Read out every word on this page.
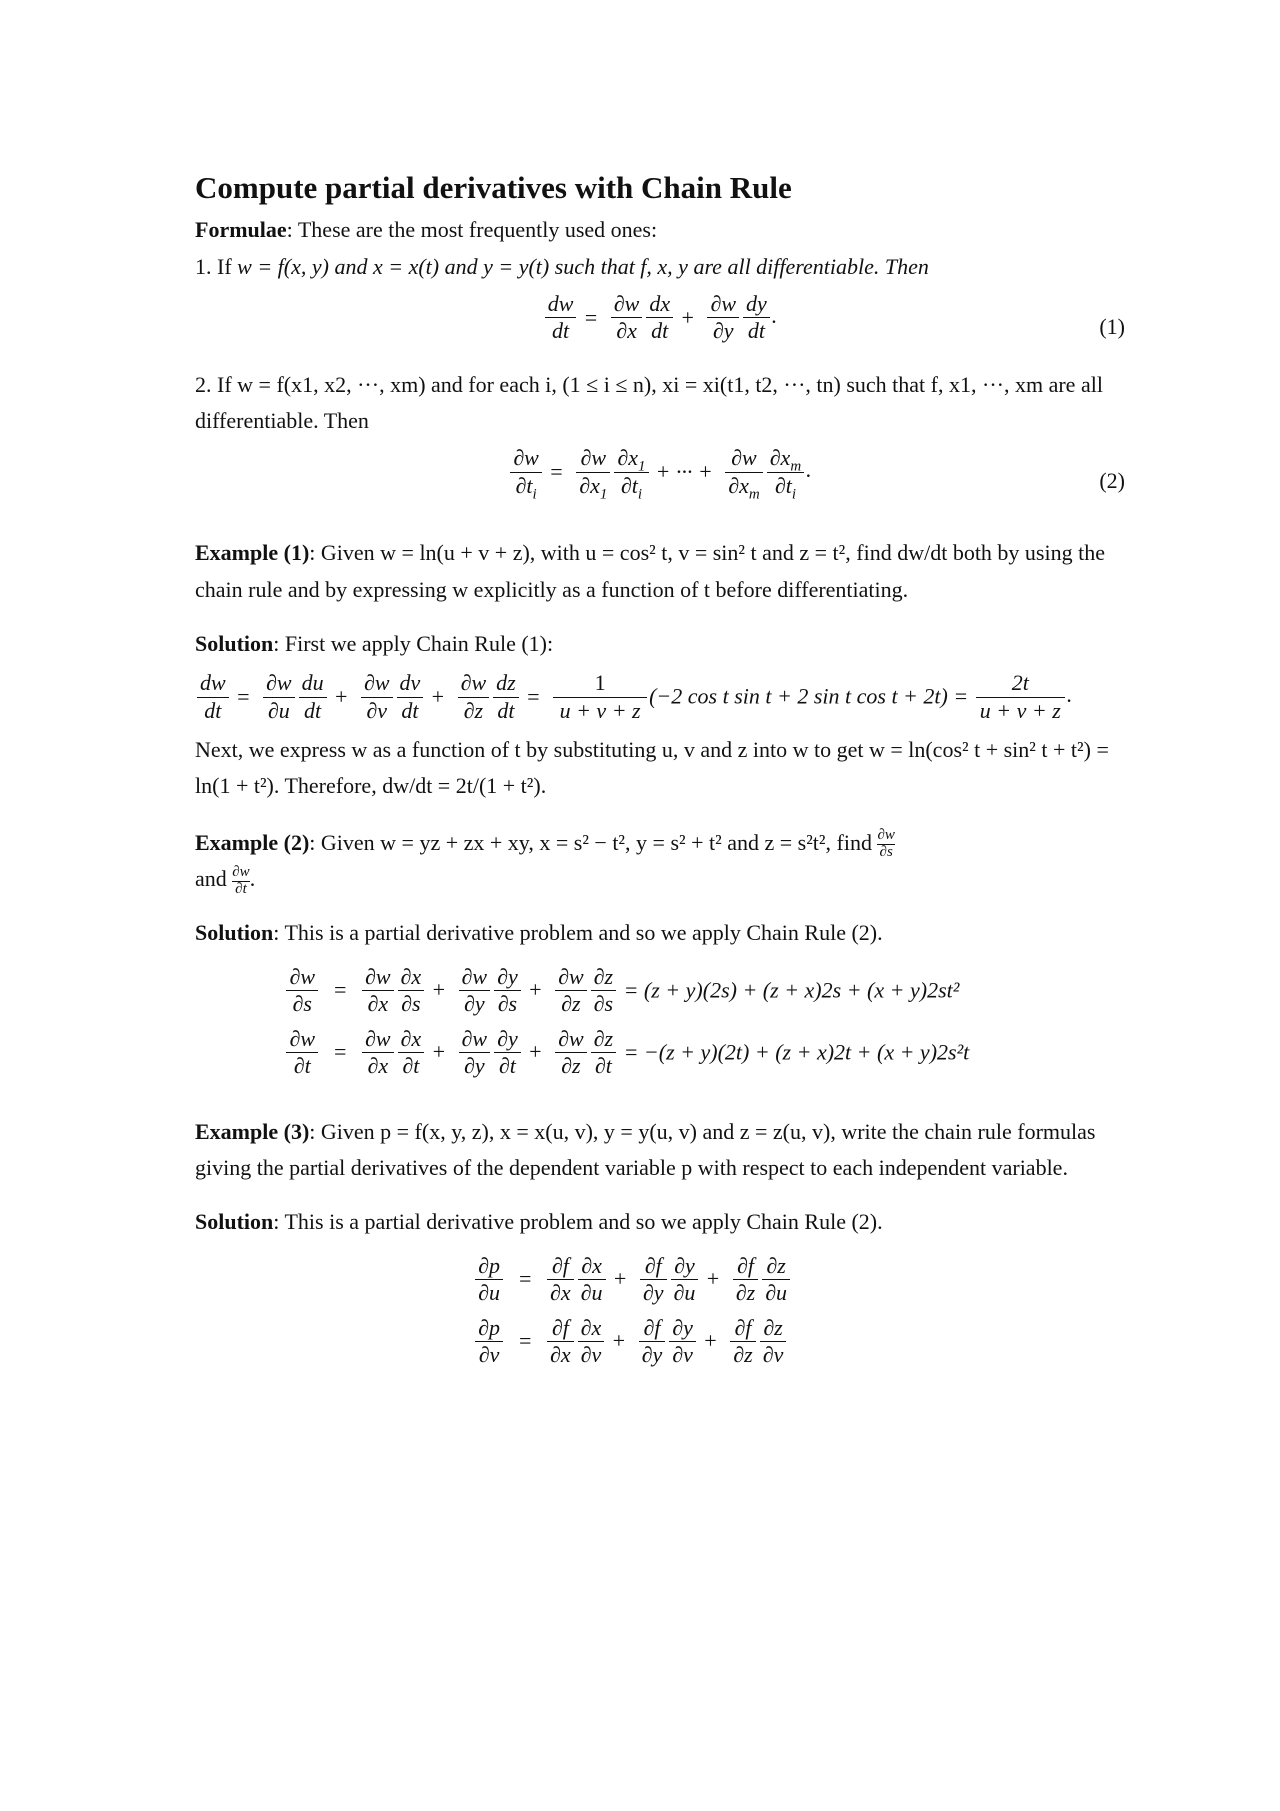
Compute partial derivatives with Chain Rule

Formulae: These are the most frequently used ones:

1. If w = f(x, y) and x = x(t) and y = y(t) such that f, x, y are all differentiable. Then

$\frac{dw}{dt} = \frac{\partial w}{\partial x} \frac{dx}{dt} + \frac{\partial w}{\partial y} \frac{dy}{dt}$ .	(1)

2. If w = f(x1, x2, ···, xm) and for each i, (1 ≤ i ≤ n), xi = xi(t1, t2, ···, tn) such that f, x1, ···, xm are all differentiable. Then

$\frac{\partial w}{\partial t_i} = \frac{\partial w}{\partial x_1} \frac{\partial x_1}{\partial t_i}$ + ··· + $\frac{\partial w}{\partial x_m} \frac{\partial x_m}{\partial t_i}$ .	(2)

Example (1): Given w = ln(u + v + z), with u = cos² t, v = sin² t and z = t², find dw/dt both by using the chain rule and by expressing w explicitly as a function of t before differentiating.

Solution: First we apply Chain Rule (1):

$\frac{dw}{dt} = \frac{\partial w}{\partial u} \frac{du}{dt} + \frac{\partial w}{\partial v} \frac{dv}{dt} + \frac{\partial w}{\partial z} \frac{dz}{dt} = \frac{1}{u + v + z} (-2$ cos t sin t + 2 sin t $\cos t + 2t) = \frac{2t}{u + v + z}$ .

Next, we express w as a function of t by substituting u, v and z into w to get w = ln(cos² t + sin² t + t²) = ln(1 + t²). Therefore, dw/dt = 2t/(1 + t²).

Example (2): Given w = yz + zx + xy, x = s² − t², y = s² + t² and z = s²t², find $\frac{\partial w}{\partial s}$

and $\frac{\partial w}{\partial t}$ .

Solution: This is a partial derivative problem and so we apply Chain Rule (2).

$\frac{\partial w}{\partial s} = \frac{\partial w}{\partial x} \frac{\partial x}{\partial s} + \frac{\partial w}{\partial y} \frac{\partial y}{\partial s} + \frac{\partial w}{\partial z} \frac{\partial z}{\partial s} = (z + y)(2s) + (z + x)2s + (x + y)2st^2$
$\frac{\partial w}{\partial t} = \frac{\partial w}{\partial x} \frac{\partial x}{\partial t} + \frac{\partial w}{\partial y} \frac{\partial y}{\partial t} + \frac{\partial w}{\partial z} \frac{\partial z}{\partial t} = -(z + y)(2t) + (z + x)2t + (x + y)2s^2t$

Example (3): Given p = f(x, y, z), x = x(u, v), y = y(u, v) and z = z(u, v), write the chain rule formulas giving the partial derivatives of the dependent variable p with respect to each independent variable.

Solution: This is a partial derivative problem and so we apply Chain Rule (2).

$\frac{\partial p}{\partial u} = \frac{\partial f}{\partial x} \frac{\partial x}{\partial u} + \frac{\partial f}{\partial y} \frac{\partial y}{\partial u} + \frac{\partial f}{\partial z} \frac{\partial z}{\partial u}$
$\frac{\partial p}{\partial v} = \frac{\partial f}{\partial x} \frac{\partial x}{\partial v} + \frac{\partial f}{\partial y} \frac{\partial y}{\partial v} + \frac{\partial f}{\partial z} \frac{\partial z}{\partial v}$
